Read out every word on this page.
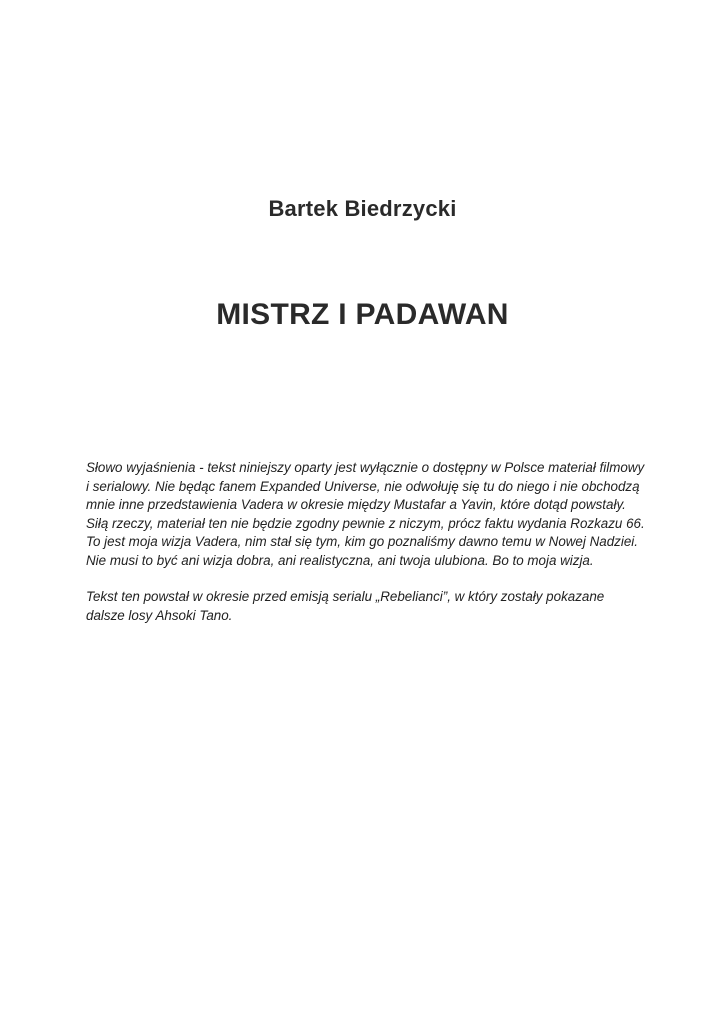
Bartek Biedrzycki
MISTRZ I PADAWAN

Słowo wyjaśnienia - tekst niniejszy oparty jest wyłącznie o dostępny w Polsce materiał filmowy i serialowy. Nie będąc fanem Expanded Universe, nie odwołuję się tu do niego i nie obchodzą mnie inne przedstawienia Vadera w okresie między Mustafar a Yavin, które dotąd powstały. Siłą rzeczy, materiał ten nie będzie zgodny pewnie z niczym, prócz faktu wydania Rozkazu 66. To jest moja wizja Vadera, nim stał się tym, kim go poznaliśmy dawno temu w Nowej Nadziei. Nie musi to być ani wizja dobra, ani realistyczna, ani twoja ulubiona. Bo to moja wizja.

Tekst ten powstał w okresie przed emisją serialu „Rebelianci”, w który zostały pokazane dalsze losy Ahsoki Tano.
